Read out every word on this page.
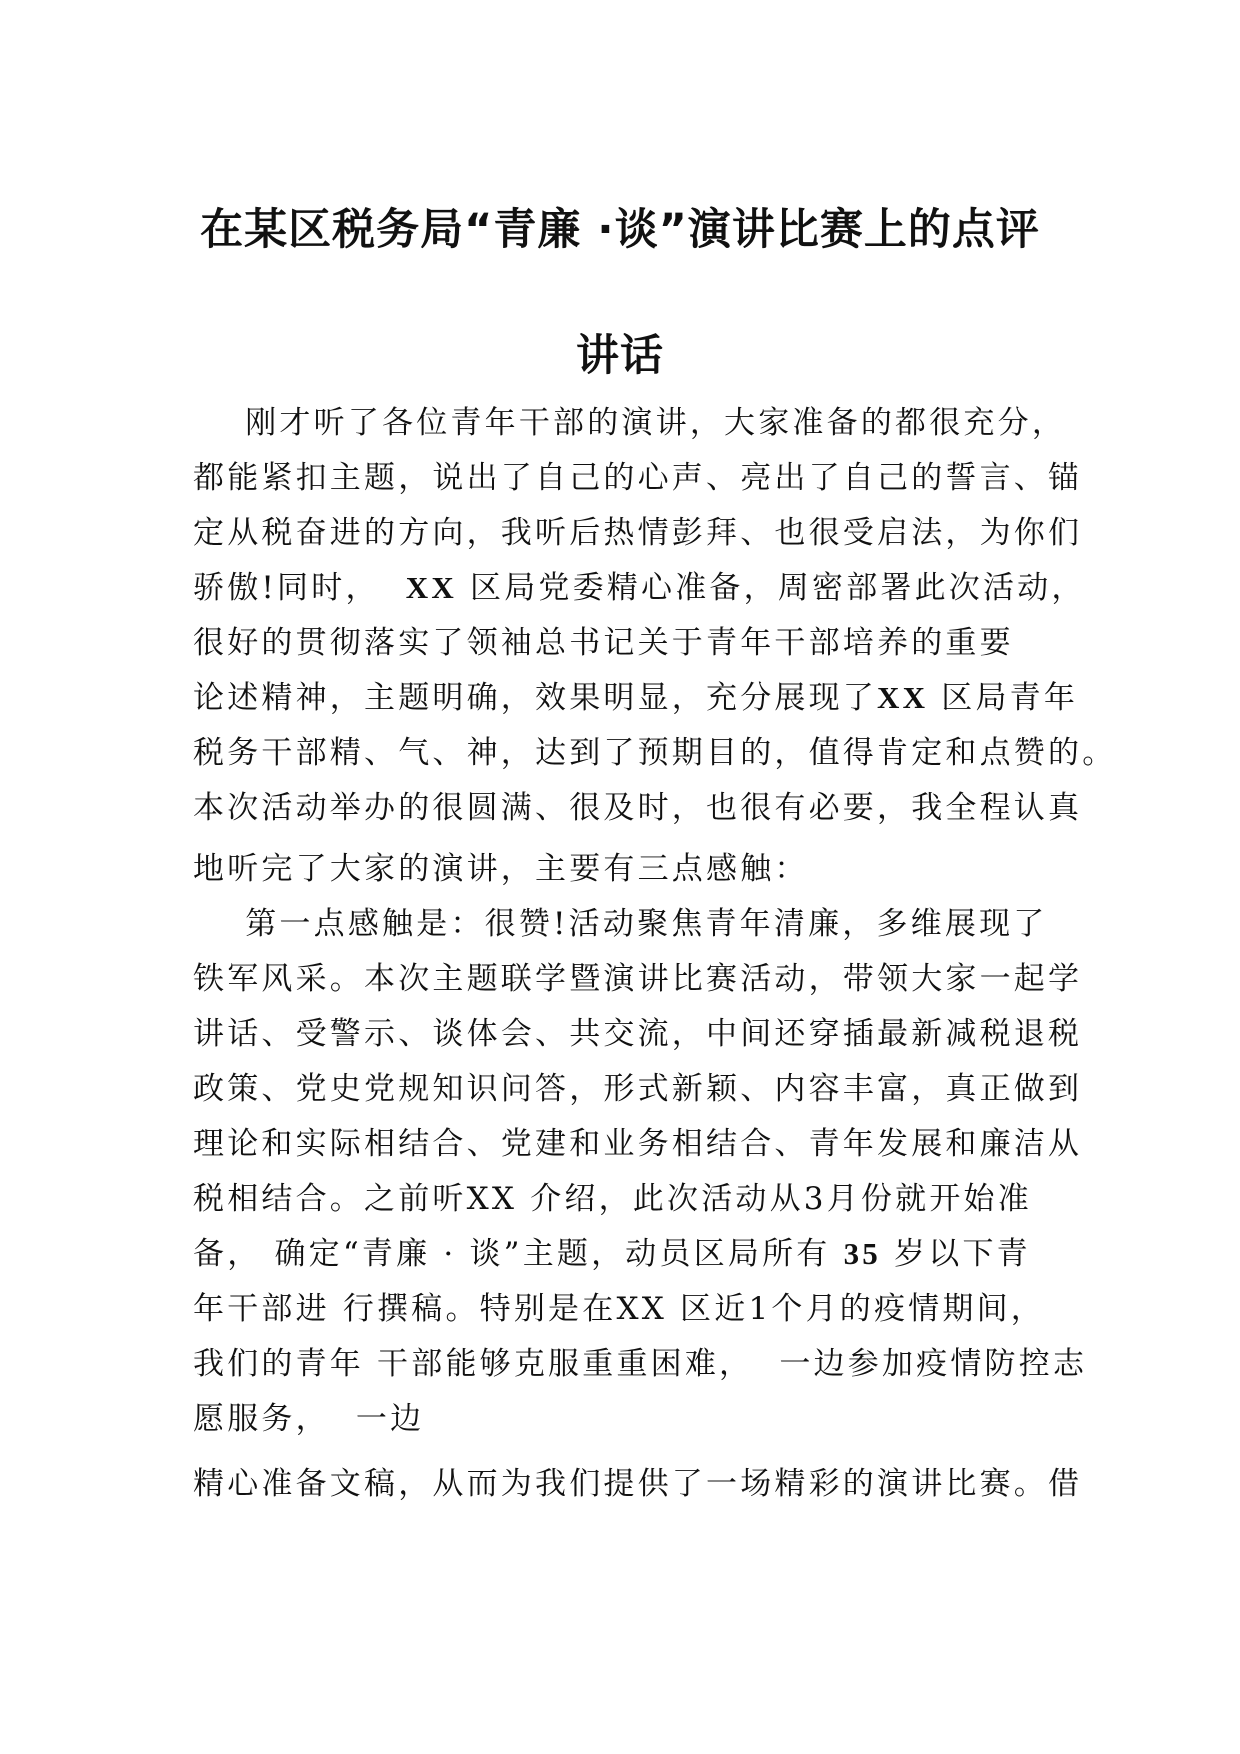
在某区税务局“青廉 ·谈”演讲比赛上的点评
讲话
刚才听了各位青年干部的演讲，大家准备的都很充分，
都能紧扣主题，说出了自己的心声、亮出了自己的誓言、锚
定从税奋进的方向，我听后热情彭拜、也很受启法，为你们
骄傲!同时，  XX 区局党委精心准备，周密部署此次活动，
很好的贯彻落实了领袖总书记关于青年干部培养的重要
论述精神，主题明确，效果明显，充分展现了XX 区局青年
税务干部精、气、神，达到了预期目的，值得肯定和点赞的。
本次活动举办的很圆满、很及时，也很有必要，我全程认真
地听完了大家的演讲，主要有三点感触：
第一点感触是：很赞!活动聚焦青年清廉，多维展现了
铁军风采。本次主题联学暨演讲比赛活动，带领大家一起学
讲话、受警示、谈体会、共交流，中间还穿插最新减税退税
政策、党史党规知识问答，形式新颖、内容丰富，真正做到
理论和实际相结合、党建和业务相结合、青年发展和廉洁从
税相结合。之前听XX 介绍，此次活动从3月份就开始准
备， 确定“青廉 · 谈”主题，动员区局所有 35 岁以下青
年干部进 行撰稿。特别是在XX 区近1个月的疫情期间，
我们的青年 干部能够克服重重困难，  一边参加疫情防控志
愿服务，  一边
精心准备文稿，从而为我们提供了一场精彩的演讲比赛。借
